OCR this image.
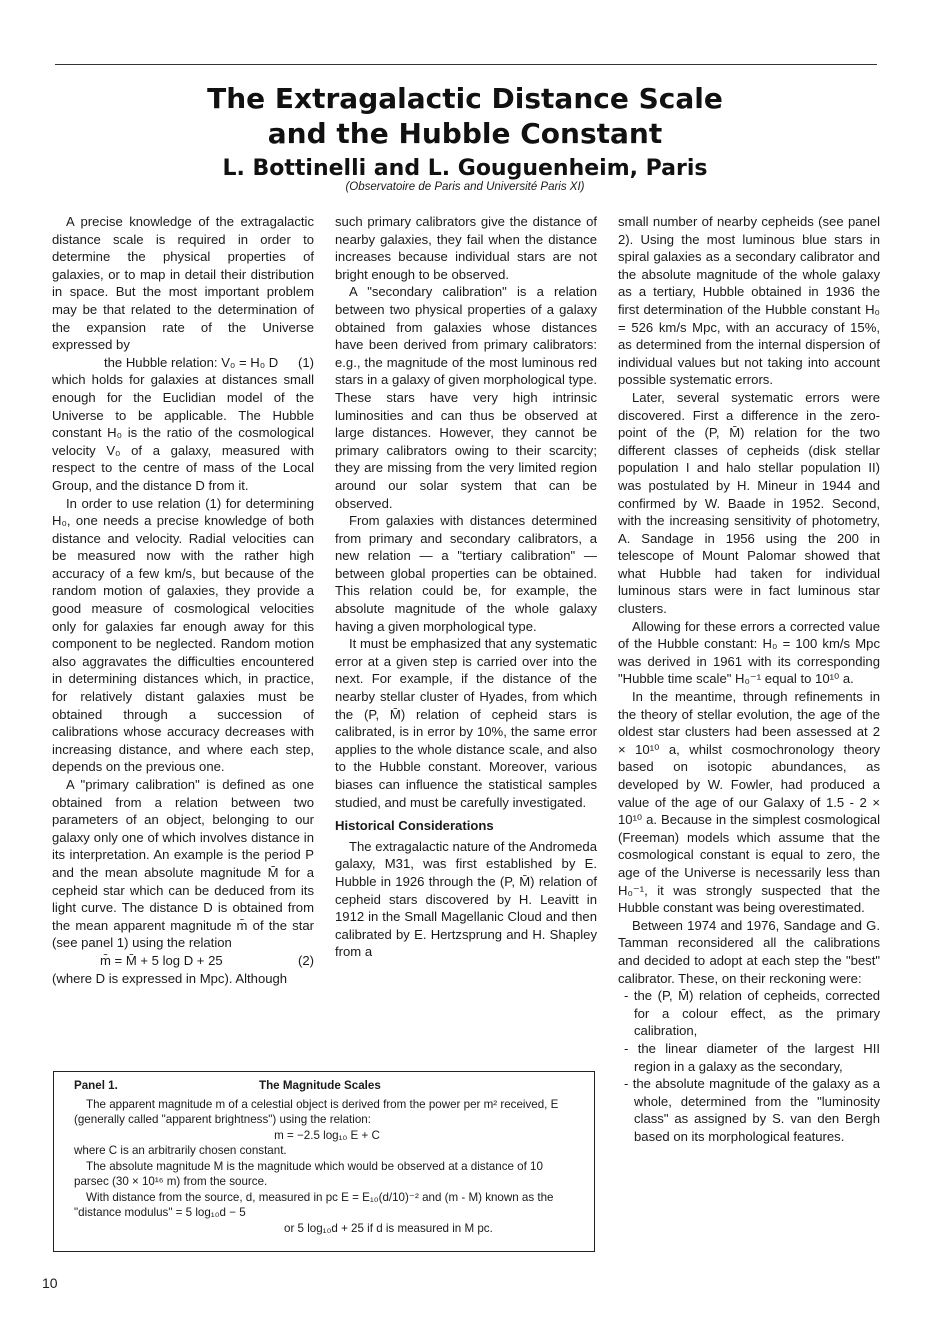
The Extragalactic Distance Scale
and the Hubble Constant
L. Bottinelli and L. Gouguenheim, Paris

(Observatoire de Paris and Université Paris XI)

A precise knowledge of the extragalactic distance scale is required in order to determine the physical properties of galaxies, or to map in detail their distribution in space. But the most important problem may be that related to the determination of the expansion rate of the Universe expressed by

the Hubble relation: V₀ = H₀ D (1)

which holds for galaxies at distances small enough for the Euclidian model of the Universe to be applicable. The Hubble constant H₀ is the ratio of the cosmological velocity V₀ of a galaxy, measured with respect to the centre of mass of the Local Group, and the distance D from it.

In order to use relation (1) for determining H₀, one needs a precise knowledge of both distance and velocity. Radial velocities can be measured now with the rather high accuracy of a few km/s, but because of the random motion of galaxies, they provide a good measure of cosmological velocities only for galaxies far enough away for this component to be neglected. Random motion also aggravates the difficulties encountered in determining distances which, in practice, for relatively distant galaxies must be obtained through a succession of calibrations whose accuracy decreases with increasing distance, and where each step, depends on the previous one.

A "primary calibration" is defined as one obtained from a relation between two parameters of an object, belonging to our galaxy only one of which involves distance in its interpretation. An example is the period P and the mean absolute magnitude M̄ for a cepheid star which can be deduced from its light curve. The distance D is obtained from the mean apparent magnitude m̄ of the star (see panel 1) using the relation

m̄ = M̄ + 5 log D + 25	(2)

(where D is expressed in Mpc). Although

such primary calibrators give the distance of nearby galaxies, they fail when the distance increases because individual stars are not bright enough to be observed.

A "secondary calibration" is a relation between two physical properties of a galaxy obtained from galaxies whose distances have been derived from primary calibrators: e.g., the magnitude of the most luminous red stars in a galaxy of given morphological type. These stars have very high intrinsic luminosities and can thus be observed at large distances. However, they cannot be primary calibrators owing to their scarcity; they are missing from the very limited region around our solar system that can be observed.

From galaxies with distances determined from primary and secondary calibrators, a new relation — a "tertiary calibration" — between global properties can be obtained. This relation could be, for example, the absolute magnitude of the whole galaxy having a given morphological type.

It must be emphasized that any systematic error at a given step is carried over into the next. For example, if the distance of the nearby stellar cluster of Hyades, from which the (P, M̄) relation of cepheid stars is calibrated, is in error by 10%, the same error applies to the whole distance scale, and also to the Hubble constant. Moreover, various biases can influence the statistical samples studied, and must be carefully investigated.

Historical Considerations

The extragalactic nature of the Andromeda galaxy, M31, was first established by E. Hubble in 1926 through the (P, M̄) relation of cepheid stars discovered by H. Leavitt in 1912 in the Small Magellanic Cloud and then calibrated by E. Hertzsprung and H. Shapley from a

small number of nearby cepheids (see panel 2). Using the most luminous blue stars in spiral galaxies as a secondary calibrator and the absolute magnitude of the whole galaxy as a tertiary, Hubble obtained in 1936 the first determination of the Hubble constant H₀ = 526 km/s Mpc, with an accuracy of 15%, as determined from the internal dispersion of individual values but not taking into account possible systematic errors.

Later, several systematic errors were discovered. First a difference in the zero-point of the (P, M̄) relation for the two different classes of cepheids (disk stellar population I and halo stellar population II) was postulated by H. Mineur in 1944 and confirmed by W. Baade in 1952. Second, with the increasing sensitivity of photometry, A. Sandage in 1956 using the 200 in telescope of Mount Palomar showed that what Hubble had taken for individual luminous stars were in fact luminous star clusters.

Allowing for these errors a corrected value of the Hubble constant: H₀ = 100 km/s Mpc was derived in 1961 with its corresponding "Hubble time scale" H₀⁻¹ equal to 10¹⁰ a.

In the meantime, through refinements in the theory of stellar evolution, the age of the oldest star clusters had been assessed at 2 × 10¹⁰ a, whilst cosmochronology theory based on isotopic abundances, as developed by W. Fowler, had produced a value of the age of our Galaxy of 1.5 - 2 × 10¹⁰ a. Because in the simplest cosmological (Freeman) models which assume that the cosmological constant is equal to zero, the age of the Universe is necessarily less than H₀⁻¹, it was strongly suspected that the Hubble constant was being overestimated.

Between 1974 and 1976, Sandage and G. Tamman reconsidered all the calibrations and decided to adopt at each step the "best" calibrator. These, on their reckoning were:

- the (P, M̄) relation of cepheids, corrected for a colour effect, as the primary calibration,
- the linear diameter of the largest HII region in a galaxy as the secondary,
- the absolute magnitude of the galaxy as a whole, determined from the "luminosity class" as assigned by S. van den Bergh based on its morphological features.
Panel 1.	The Magnitude Scales

The apparent magnitude m of a celestial object is derived from the power per m² received, E (generally called "apparent brightness") using the relation:

m = −2.5 log₁₀ E + C

where C is an arbitrarily chosen constant.

The absolute magnitude M is the magnitude which would be observed at a distance of 10 parsec (30 × 10¹⁶ m) from the source.

With distance from the source, d, measured in pc E = E₁₀(d/10)⁻² and (m - M) known as the "distance modulus" = 5 log₁₀d − 5

or 5 log₁₀d + 25 if d is measured in M pc.
10
